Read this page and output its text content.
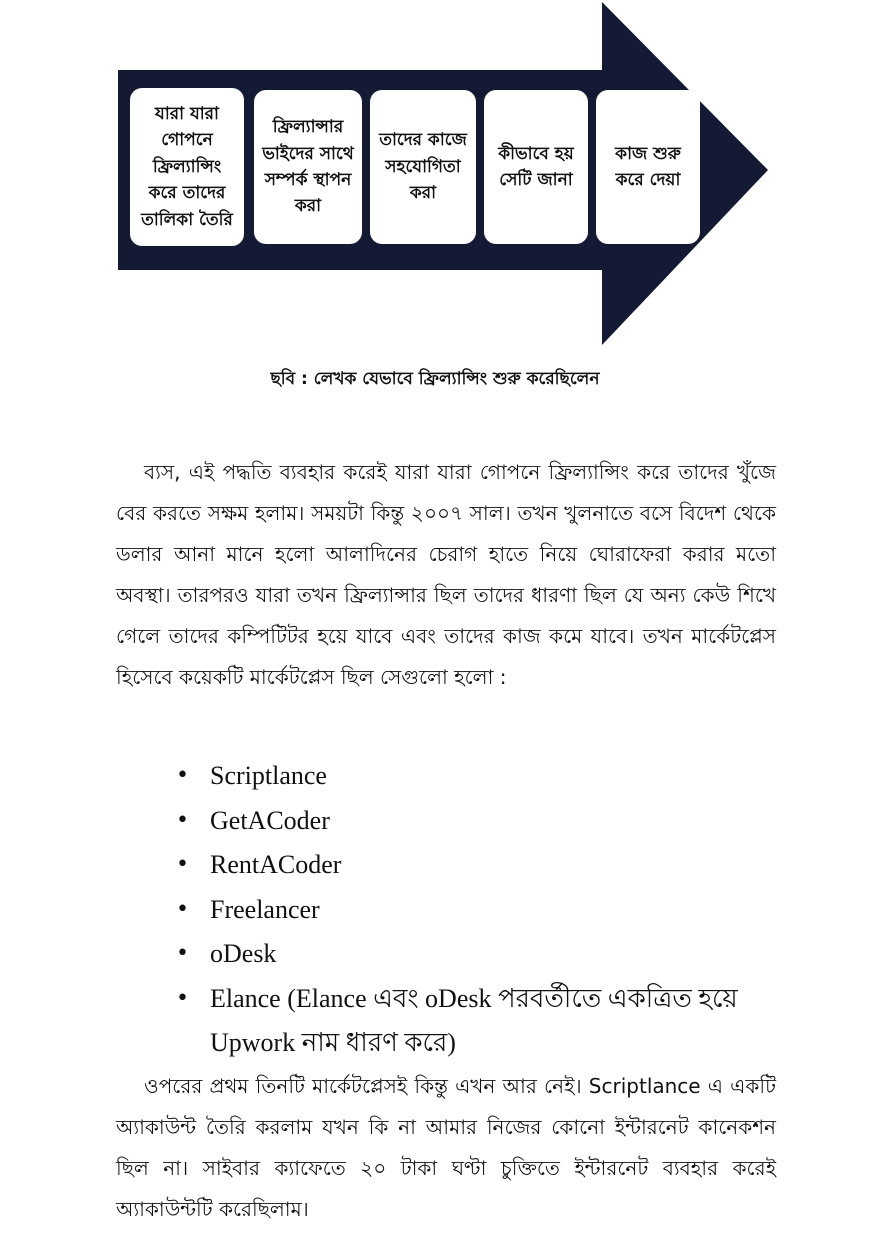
যারা যারা গোপনে ফ্রিল্যান্সিং করে তাদের তালিকা তৈরি
ফ্রিল্যান্সার ভাইদের সাথে সম্পর্ক স্থাপন করা
তাদের কাজে সহযোগিতা করা
কীভাবে হয় সেটি জানা
কাজ শুরু করে দেয়া
ছবি : লেখক যেভাবে ফ্রিল্যান্সিং শুরু করেছিলেন

ব্যস, এই পদ্ধতি ব্যবহার করেই যারা যারা গোপনে ফ্রিল্যান্সিং করে তাদের খুঁজে বের করতে সক্ষম হলাম। সময়টা কিন্তু ২০০৭ সাল। তখন খুলনাতে বসে বিদেশ থেকে ডলার আনা মানে হলো আলাদিনের চেরাগ হাতে নিয়ে ঘোরাফেরা করার মতো অবস্থা। তারপরও যারা তখন ফ্রিল্যান্সার ছিল তাদের ধারণা ছিল যে অন্য কেউ শিখে গেলে তাদের কম্পিটিটর হয়ে যাবে এবং তাদের কাজ কমে যাবে। তখন মার্কেটপ্লেস হিসেবে কয়েকটি মার্কেটপ্লেস ছিল সেগুলো হলো :

• Scriptlance
• GetACoder
• RentACoder
• Freelancer
• oDesk
• Elance (Elance এবং oDesk পরবর্তীতে একত্রিত হয়ে Upwork নাম ধারণ করে)

ওপরের প্রথম তিনটি মার্কেটপ্লেসই কিন্তু এখন আর নেই। Scriptlance এ একটি অ্যাকাউন্ট তৈরি করলাম যখন কি না আমার নিজের কোনো ইন্টারনেট কানেকশন ছিল না। সাইবার ক্যাফেতে ২০ টাকা ঘণ্টা চুক্তিতে ইন্টারনেট ব্যবহার করেই অ্যাকাউন্টটি করেছিলাম।
